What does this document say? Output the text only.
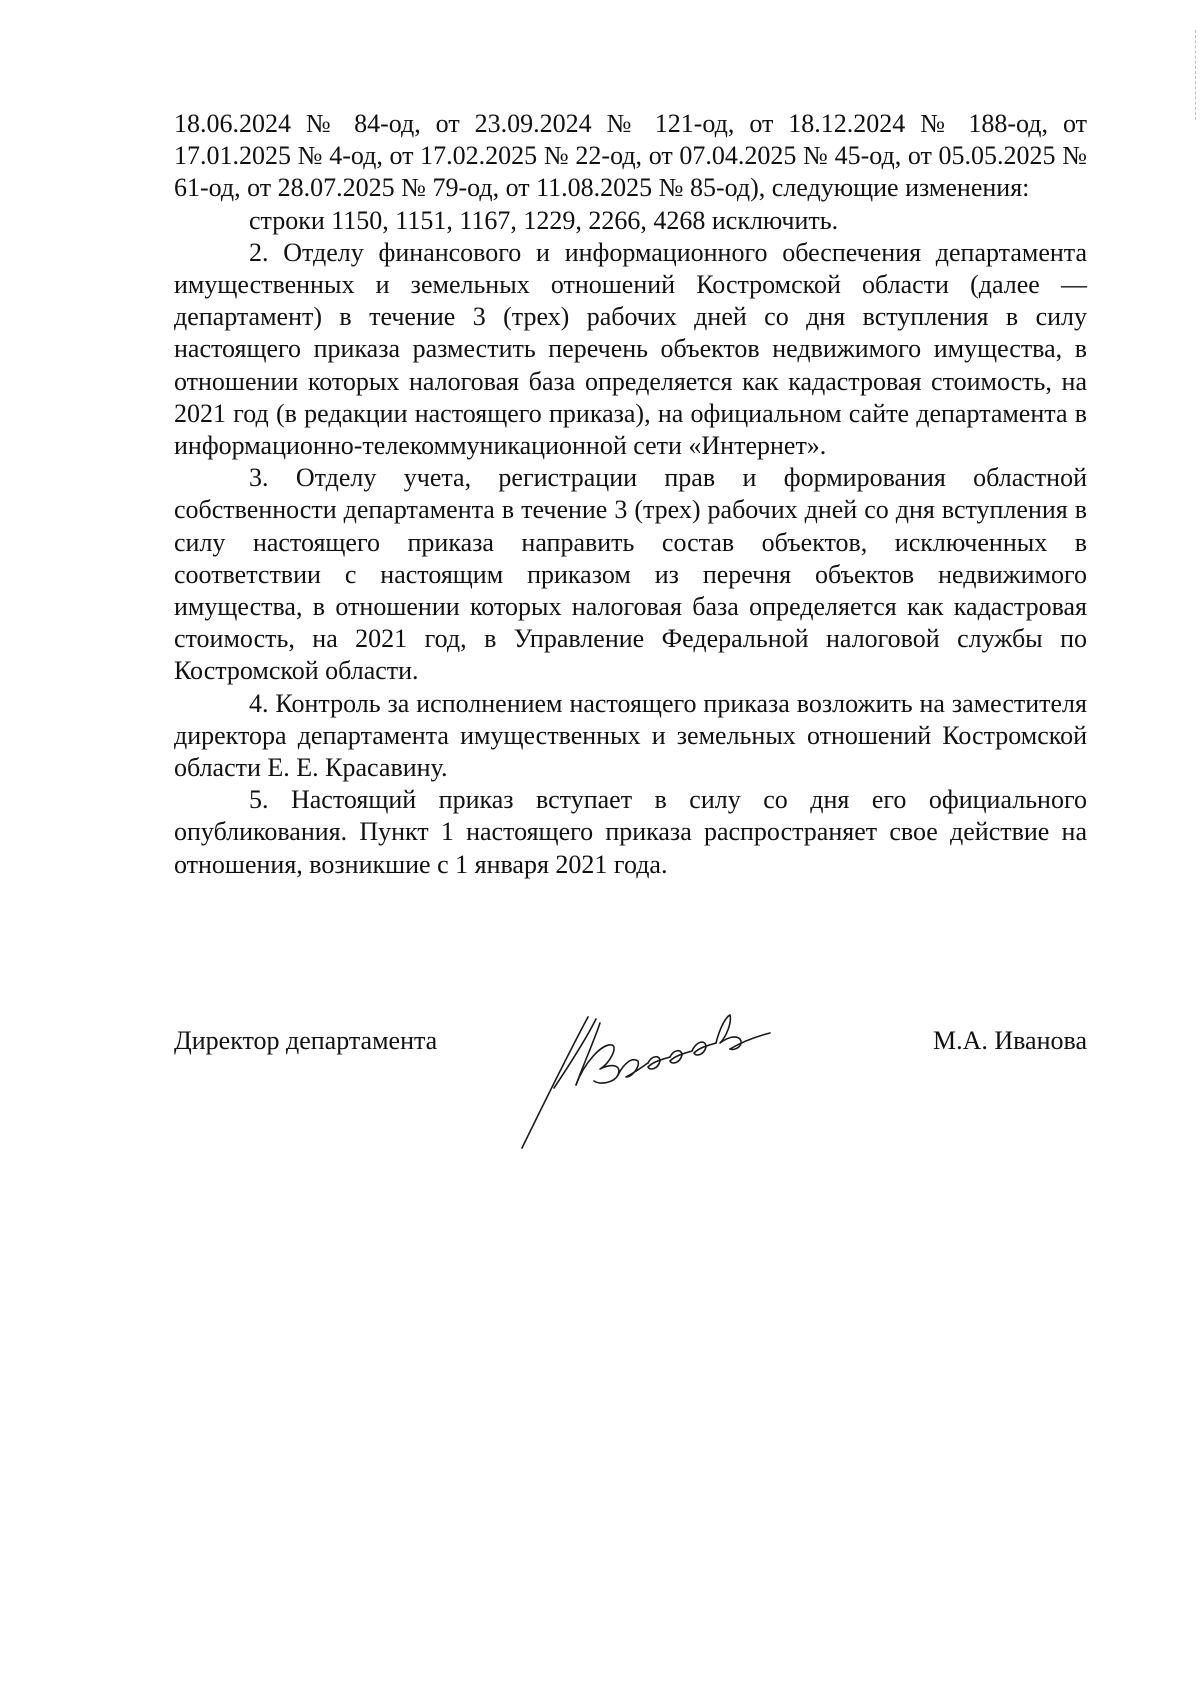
18.06.2024 № 84-од, от 23.09.2024 № 121-од, от 18.12.2024 № 188-од, от 17.01.2025 № 4-од, от 17.02.2025 № 22-од, от 07.04.2025 № 45-од, от 05.05.2025 № 61-од, от 28.07.2025 № 79-од, от 11.08.2025 № 85-од), следующие изменения:

строки 1150, 1151, 1167, 1229, 2266, 4268 исключить.

2. Отделу финансового и информационного обеспечения департамента имущественных и земельных отношений Костромской области (далее — департамент) в течение 3 (трех) рабочих дней со дня вступления в силу настоящего приказа разместить перечень объектов недвижимого имущества, в отношении которых налоговая база определяется как кадастровая стоимость, на 2021 год (в редакции настоящего приказа), на официальном сайте департамента в информационно-телекоммуникационной сети «Интернет».

3. Отделу учета, регистрации прав и формирования областной собственности департамента в течение 3 (трех) рабочих дней со дня вступления в силу настоящего приказа направить состав объектов, исключенных в соответствии с настоящим приказом из перечня объектов недвижимого имущества, в отношении которых налоговая база определяется как кадастровая стоимость, на 2021 год, в Управление Федеральной налоговой службы по Костромской области.

4. Контроль за исполнением настоящего приказа возложить на заместителя директора департамента имущественных и земельных отношений Костромской области Е. Е. Красавину.

5. Настоящий приказ вступает в силу со дня его официального опубликования. Пункт 1 настоящего приказа распространяет свое действие на отношения, возникшие с 1 января 2021 года.

Директор департамента	М.А. Иванова
